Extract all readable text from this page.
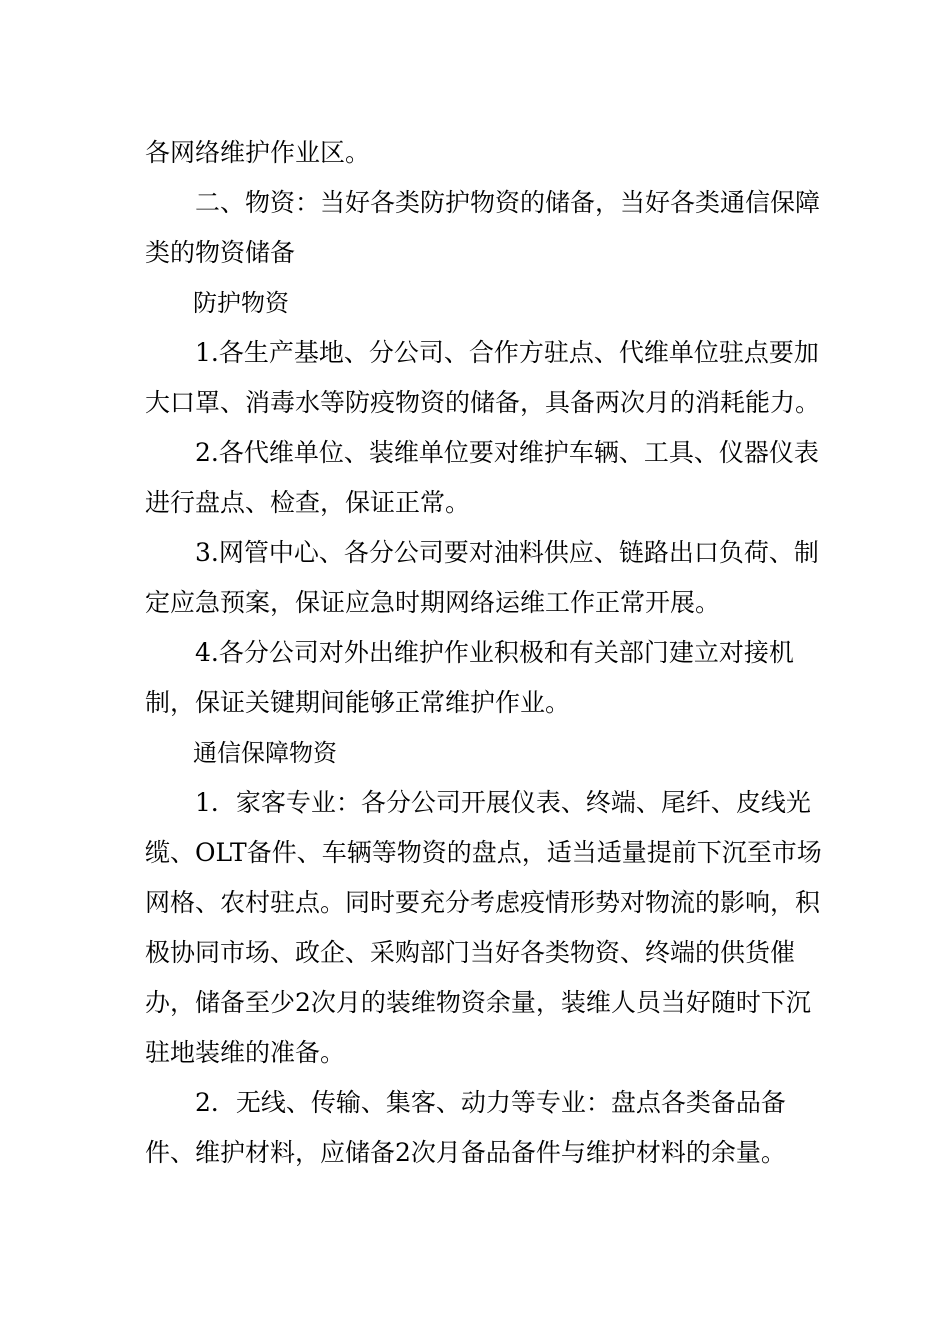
各网络维护作业区。

二、物资：当好各类防护物资的储备，当好各类通信保障类的物资储备

防护物资

1.各生产基地、分公司、合作方驻点、代维单位驻点要加大口罩、消毒水等防疫物资的储备，具备两次月的消耗能力。

2.各代维单位、装维单位要对维护车辆、工具、仪器仪表进行盘点、检查，保证正常。

3.网管中心、各分公司要对油料供应、链路出口负荷、制定应急预案，保证应急时期网络运维工作正常开展。

4.各分公司对外出维护作业积极和有关部门建立对接机制，保证关键期间能够正常维护作业。

通信保障物资

1．家客专业：各分公司开展仪表、终端、尾纤、皮线光缆、OLT备件、车辆等物资的盘点，适当适量提前下沉至市场网格、农村驻点。同时要充分考虑疫情形势对物流的影响，积极协同市场、政企、采购部门当好各类物资、终端的供货催办，储备至少2次月的装维物资余量，装维人员当好随时下沉驻地装维的准备。

2．无线、传输、集客、动力等专业：盘点各类备品备件、维护材料，应储备2次月备品备件与维护材料的余量。
